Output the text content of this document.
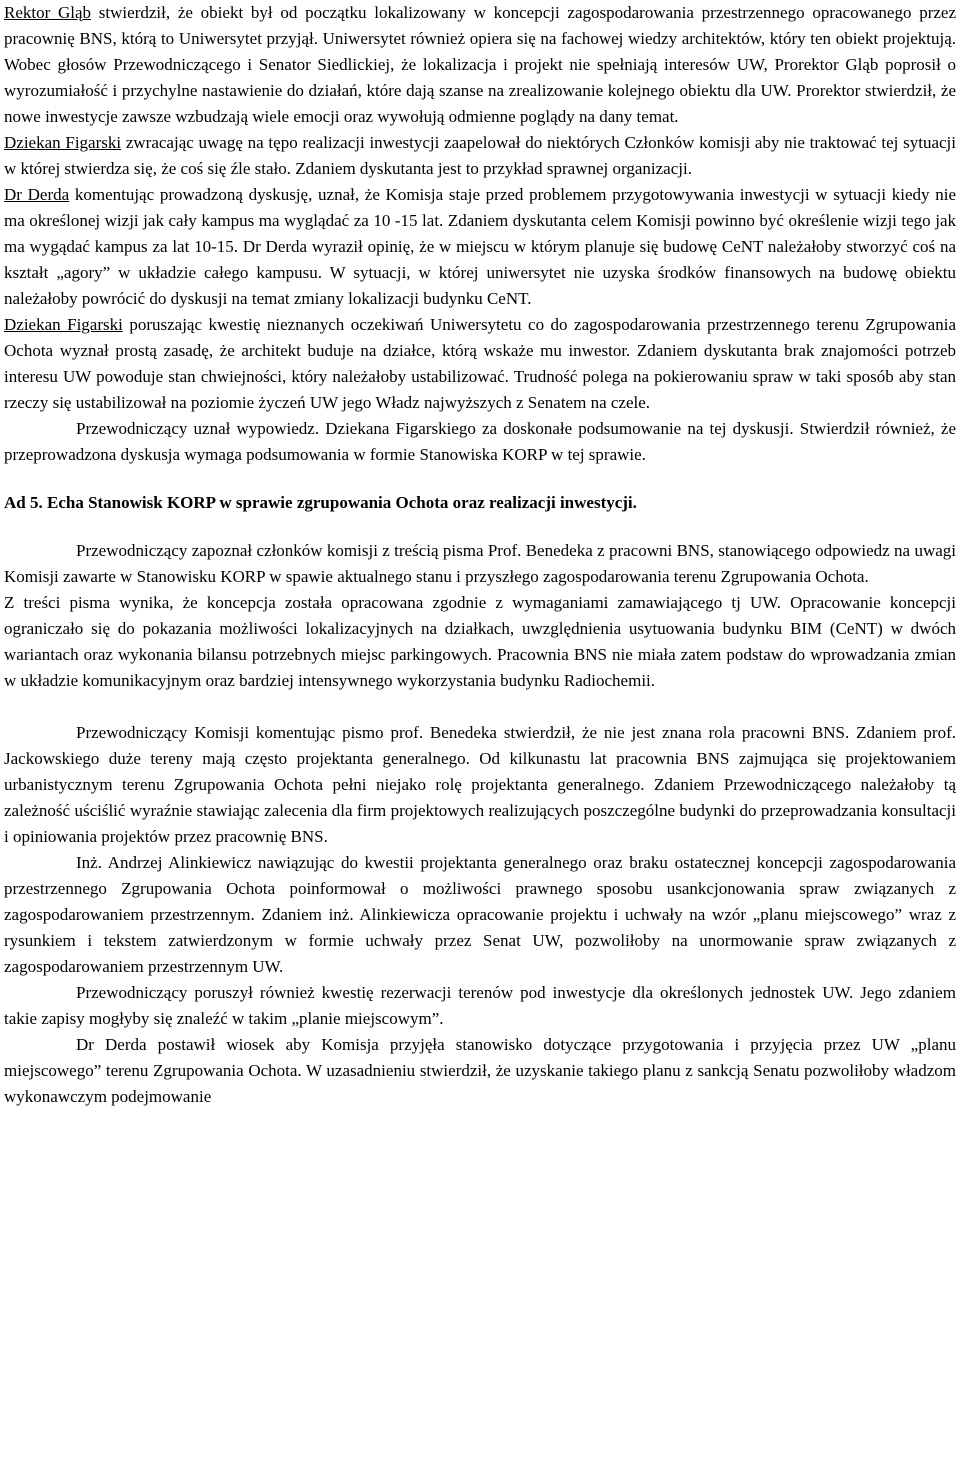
Rektor Gląb stwierdził, że obiekt był od początku lokalizowany w koncepcji zagospodarowania przestrzennego opracowanego przez pracownię BNS, którą to Uniwersytet przyjął. Uniwersytet również opiera się na fachowej wiedzy architektów, który ten obiekt projektują. Wobec głosów Przewodniczącego i Senator Siedlickiej, że lokalizacja i projekt nie spełniają interesów UW, Prorektor Gląb poprosił o wyrozumiałość i przychylne nastawienie do działań, które dają szanse na zrealizowanie kolejnego obiektu dla UW. Prorektor stwierdził, że nowe inwestycje zawsze wzbudzają wiele emocji oraz wywołują odmienne poglądy na dany temat.

Dziekan Figarski zwracając uwagę na tępo realizacji inwestycji zaapelował do niektórych Członków komisji aby nie traktować tej sytuacji w której stwierdza się, że coś się źle stało. Zdaniem dyskutanta jest to przykład sprawnej organizacji.

Dr Derda komentując prowadzoną dyskusję, uznał, że Komisja staje przed problemem przygotowywania inwestycji w sytuacji kiedy nie ma określonej wizji jak cały kampus ma wyglądać za 10 -15 lat. Zdaniem dyskutanta celem Komisji powinno być określenie wizji tego jak ma wygądać kampus za lat 10-15. Dr Derda wyraził opinię, że w miejscu w którym planuje się budowę CeNT należałoby stworzyć coś na kształt „agory” w układzie całego kampusu. W sytuacji, w której uniwersytet nie uzyska środków finansowych na budowę obiektu należałoby powrócić do dyskusji na temat zmiany lokalizacji budynku CeNT.

Dziekan Figarski poruszając kwestię nieznanych oczekiwań Uniwersytetu co do zagospodarowania przestrzennego terenu Zgrupowania Ochota wyznał prostą zasadę, że architekt buduje na działce, którą wskaże mu inwestor. Zdaniem dyskutanta brak znajomości potrzeb interesu UW powoduje stan chwiejności, który należałoby ustabilizować. Trudność polega na pokierowaniu spraw w taki sposób aby stan rzeczy się ustabilizował na poziomie życzeń UW jego Władz najwyższych z Senatem na czele.

Przewodniczący uznał wypowiedz. Dziekana Figarskiego za doskonałe podsumowanie na tej dyskusji. Stwierdził również, że przeprowadzona dyskusja wymaga podsumowania w formie Stanowiska KORP w tej sprawie.

Ad 5. Echa Stanowisk KORP w sprawie zgrupowania Ochota oraz realizacji inwestycji.

Przewodniczący zapoznał członków komisji z treścią pisma Prof. Benedeka z pracowni BNS, stanowiącego odpowiedz na uwagi Komisji zawarte w Stanowisku KORP w spawie aktualnego stanu i przyszłego zagospodarowania terenu Zgrupowania Ochota.

Z treści pisma wynika, że koncepcja została opracowana zgodnie z wymaganiami zamawiającego tj UW. Opracowanie koncepcji ograniczało się do pokazania możliwości lokalizacyjnych na działkach, uwzględnienia usytuowania budynku BIM (CeNT) w dwóch wariantach oraz wykonania bilansu potrzebnych miejsc parkingowych. Pracownia BNS nie miała zatem podstaw do wprowadzania zmian w układzie komunikacyjnym oraz bardziej intensywnego wykorzystania budynku Radiochemii.

Przewodniczący Komisji komentując pismo prof. Benedeka stwierdził, że nie jest znana rola pracowni BNS. Zdaniem prof. Jackowskiego duże tereny mają często projektanta generalnego. Od kilkunastu lat pracownia BNS zajmująca się projektowaniem urbanistycznym terenu Zgrupowania Ochota pełni niejako rolę projektanta generalnego. Zdaniem Przewodniczącego należałoby tą zależność uściślić wyraźnie stawiając zalecenia dla firm projektowych realizujących poszczególne budynki do przeprowadzania konsultacji i opiniowania projektów przez pracownię BNS.

Inż. Andrzej Alinkiewicz nawiązując do kwestii projektanta generalnego oraz braku ostatecznej koncepcji zagospodarowania przestrzennego Zgrupowania Ochota poinformował o możliwości prawnego sposobu usankcjonowania spraw związanych z zagospodarowaniem przestrzennym. Zdaniem inż. Alinkiewicza opracowanie projektu i uchwały na wzór „planu miejscowego” wraz z rysunkiem i tekstem zatwierdzonym w formie uchwały przez Senat UW, pozwoliłoby na unormowanie spraw związanych z zagospodarowaniem przestrzennym UW.

Przewodniczący poruszył również kwestię rezerwacji terenów pod inwestycje dla określonych jednostek UW. Jego zdaniem takie zapisy mogłyby się znaleźć w takim „planie miejscowym”.

Dr Derda postawił wiosek aby Komisja przyjęła stanowisko dotyczące przygotowania i przyjęcia przez UW „planu miejscowego” terenu Zgrupowania Ochota. W uzasadnieniu stwierdził, że uzyskanie takiego planu z sankcją Senatu pozwoliłoby władzom wykonawczym podejmowanie
